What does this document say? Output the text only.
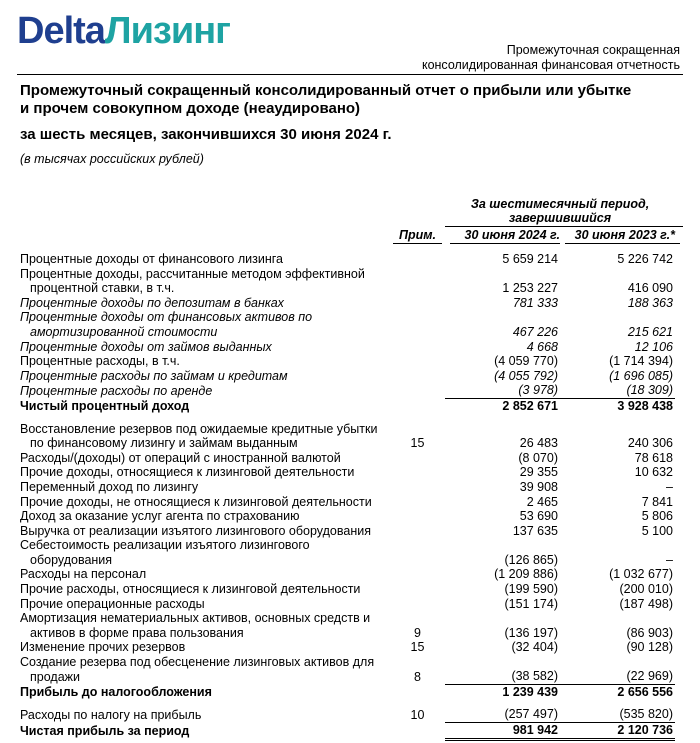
DeltaЛизинг	Промежуточная сокращенная
консолидированная финансовая отчетность
Промежуточный сокращенный консолидированный отчет о прибыли или убытке
и прочем совокупном доходе (неаудировано)
за шесть месяцев, закончившихся 30 июня 2024 г.
(в тысячах российских рублей)
За шестимесячный период,
завершившийся
Прим.	30 июня 2024 г.	30 июня 2023 г.*
Процентные доходы от финансового лизинга		5 659 214	5 226 742
Процентные доходы, рассчитанные методом эффективной
процентной ставки, в т.ч.		1 253 227	416 090
Процентные доходы по депозитам в банках		781 333	188 363
Процентные доходы от финансовых активов по
амортизированной стоимости		467 226	215 621
Процентные доходы от займов выданных		4 668	12 106
Процентные расходы, в т.ч.		(4 059 770)	(1 714 394)
Процентные расходы по займам и кредитам		(4 055 792)	(1 696 085)
Процентные расходы по аренде		(3 978)	(18 309)
Чистый процентный доход		2 852 671	3 928 438

Восстановление резервов под ожидаемые кредитные убытки
по финансовому лизингу и займам выданным	15	26 483	240 306
Расходы/(доходы) от операций с иностранной валютой		(8 070)	78 618
Прочие доходы, относящиеся к лизинговой деятельности		29 355	10 632
Переменный доход по лизингу		39 908	–
Прочие доходы, не относящиеся к лизинговой деятельности		2 465	7 841
Доход за оказание услуг агента по страхованию		53 690	5 806
Выручка от реализации изъятого лизингового оборудования		137 635	5 100
Себестоимость реализации изъятого лизингового
оборудования		(126 865)	–
Расходы на персонал		(1 209 886)	(1 032 677)
Прочие расходы, относящиеся к лизинговой деятельности		(199 590)	(200 010)
Прочие операционные расходы		(151 174)	(187 498)
Амортизация нематериальных активов, основных средств и
активов в форме права пользования	9	(136 197)	(86 903)
Изменение прочих резервов	15	(32 404)	(90 128)
Создание резерва под обесценение лизинговых активов для
продажи	8	(38 582)	(22 969)
Прибыль до налогообложения		1 239 439	2 656 556

Расходы по налогу на прибыль	10	(257 497)	(535 820)
Чистая прибыль за период		981 942	2 120 736
